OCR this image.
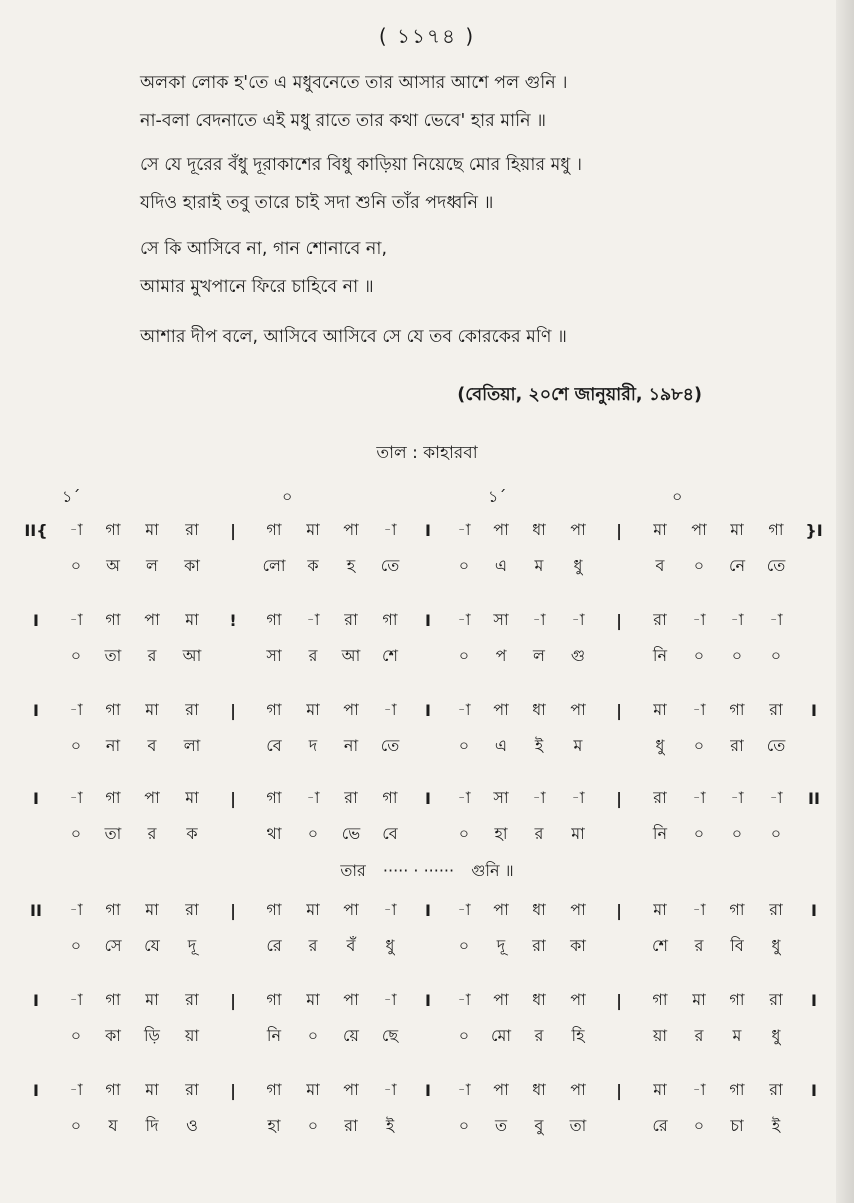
( ১১৭৪ )
অলকা লোক হ'তে এ মধুবনেতে তার আসার আশে পল গুনি ।
না-বলা বেদনাতে এই মধু রাতে তার কথা ভেবে' হার মানি ॥
সে যে দূরের বঁধু দূরাকাশের বিধু কাড়িয়া নিয়েছে মোর হিয়ার মধু ।
যদিও হারাই তবু তারে চাই সদা শুনি তাঁর পদধ্বনি ॥
সে কি আসিবে না, গান শোনাবে না,
আমার মুখপানে ফিরে চাহিবে না ॥
আশার দীপ বলে, আসিবে আসিবে সে যে তব কোরকের মণি ॥
(বেতিয়া, ২০শে জানুয়ারী, ১৯৮৪)
তাল : কাহারবা
১´	০	১´	০
II{	-া	গা	মা	রা	|	গা	মা	পা	-া	I	-া	পা	ধা	পা	|	মা	পা	মা	গা	}I
০	অ	ল	কা	লো	ক	হ	তে	০	এ	ম	ধু	ব	০	নে	তে
I	-া	গা	পা	মা	!	গা	-া	রা	গা	I	-া	সা	-া	-া	|	রা	-া	-া	-া
০	তা	র	আ	সা	র	আ	শে	০	প	ল	গু	নি	০	০	০
I	-া	গা	মা	রা	|	গা	মা	পা	-া	I	-া	পা	ধা	পা	|	মা	-া	গা	রা	I
০	না	ব	লা	বে	দ	না	তে	০	এ	ই	ম	ধু	০	রা	তে
I	-া	গা	পা	মা	|	গা	-া	রা	গা	I	-া	সা	-া	-া	|	রা	-া	-া	-া	II
০	তা	র	ক	থা	০	ভে	বে	০	হা	র	মা	নি	০	০	০
II	-া	গা	মা	রা	|	গা	মা	পা	-া	I	-া	পা	ধা	পা	|	মা	-া	গা	রা	I
০	সে	যে	দূ	রে	র	বঁ	ধু	০	দূ	রা	কা	শে	র	বি	ধু
I	-া	গা	মা	রা	|	গা	মা	পা	-া	I	-া	পা	ধা	পা	|	গা	মা	গা	রা	I
০	কা	ড়ি	য়া	নি	০	য়ে	ছে	০	মো	র	হি	য়া	র	ম	ধু
I	-া	গা	মা	রা	|	গা	মা	পা	-া	I	-া	পা	ধা	পা	|	মা	-া	গা	রা	I
০	য	দি	ও	হা	০	রা	ই	০	ত	বু	তা	রে	০	চা	ই
তার ····· · ······ গুনি ॥
